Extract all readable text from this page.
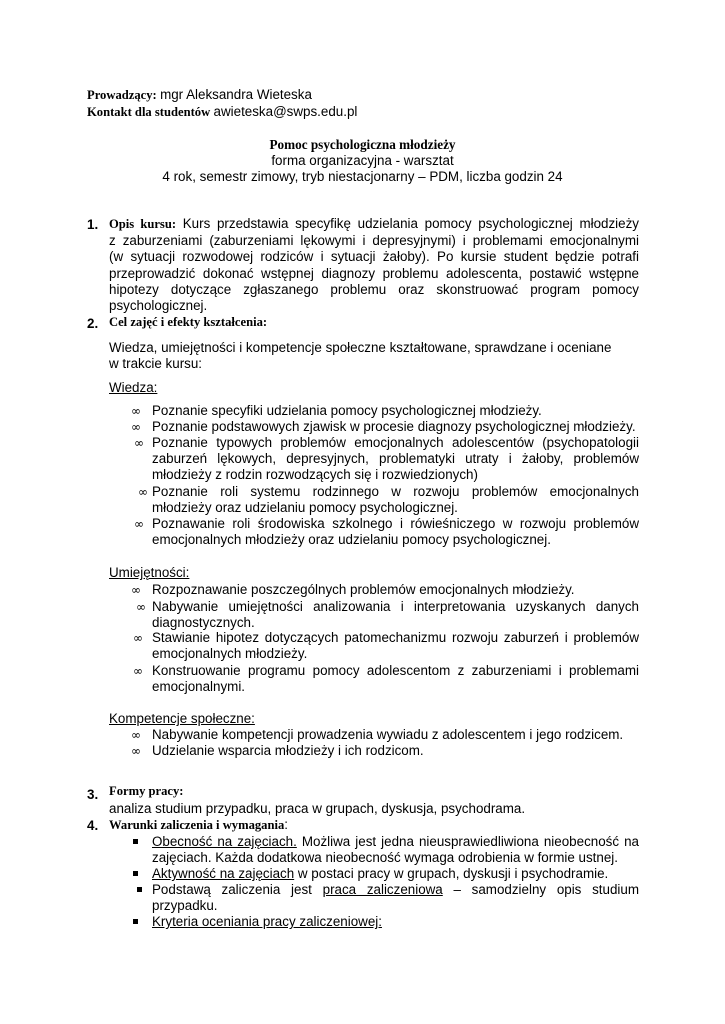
Prowadzący: mgr Aleksandra Wieteska
Kontakt dla studentów awieteska@swps.edu.pl
Pomoc psychologiczna młodzieży
forma organizacyjna - warsztat
4 rok, semestr zimowy, tryb niestacjonarny – PDM, liczba godzin 24
1. Opis kursu: Kurs przedstawia specyfikę udzielania pomocy psychologicznej młodzieży
z zaburzeniami (zaburzeniami lękowymi i depresyjnymi) i problemami emocjonalnymi
(w sytuacji rozwodowej rodziców i sytuacji żałoby). Po kursie student będzie potrafi
przeprowadzić dokonać wstępnej diagnozy problemu adolescenta, postawić wstępne
hipotezy dotyczące zgłaszanego problemu oraz skonstruować program pomocy
psychologicznej.
2. Cel zajęć i efekty kształcenia:
Wiedza, umiejętności i kompetencje społeczne kształtowane, sprawdzane i oceniane
w trakcie kursu:
Wiedza:
∞ Poznanie specyfiki udzielania pomocy psychologicznej młodzieży.
∞ Poznanie podstawowych zjawisk w procesie diagnozy psychologicznej młodzieży.
∞ Poznanie typowych problemów emocjonalnych adolescentów (psychopatologii
zaburzeń lękowych, depresyjnych, problematyki utraty i żałoby, problemów
młodzieży z rodzin rozwodzących się i rozwiedzionych)
∞ Poznanie roli systemu rodzinnego w rozwoju problemów emocjonalnych
młodzieży oraz udzielaniu pomocy psychologicznej.
∞ Poznawanie roli środowiska szkolnego i rówieśniczego w rozwoju problemów
emocjonalnych młodzieży oraz udzielaniu pomocy psychologicznej.
Umiejętności:
∞ Rozpoznawanie poszczególnych problemów emocjonalnych młodzieży.
∞ Nabywanie umiejętności analizowania i interpretowania uzyskanych danych
diagnostycznych.
∞ Stawianie hipotez dotyczących patomechanizmu rozwoju zaburzeń i problemów
emocjonalnych młodzieży.
∞ Konstruowanie programu pomocy adolescentom z zaburzeniami i problemami
emocjonalnymi.
Kompetencje społeczne:
∞ Nabywanie kompetencji prowadzenia wywiadu z adolescentem i jego rodzicem.
∞ Udzielanie wsparcia młodzieży i ich rodzicom.
3. Formy pracy:
analiza studium przypadku, praca w grupach, dyskusja, psychodrama.
4. Warunki zaliczenia i wymagania:
Obecność na zajęciach. Możliwa jest jedna nieusprawiedliwiona nieobecność na
zajęciach. Każda dodatkowa nieobecność wymaga odrobienia w formie ustnej.
Aktywność na zajęciach w postaci pracy w grupach, dyskusji i psychodramie.
Podstawą zaliczenia jest praca zaliczeniowa – samodzielny opis studium
przypadku.
Kryteria oceniania pracy zaliczeniowej:
